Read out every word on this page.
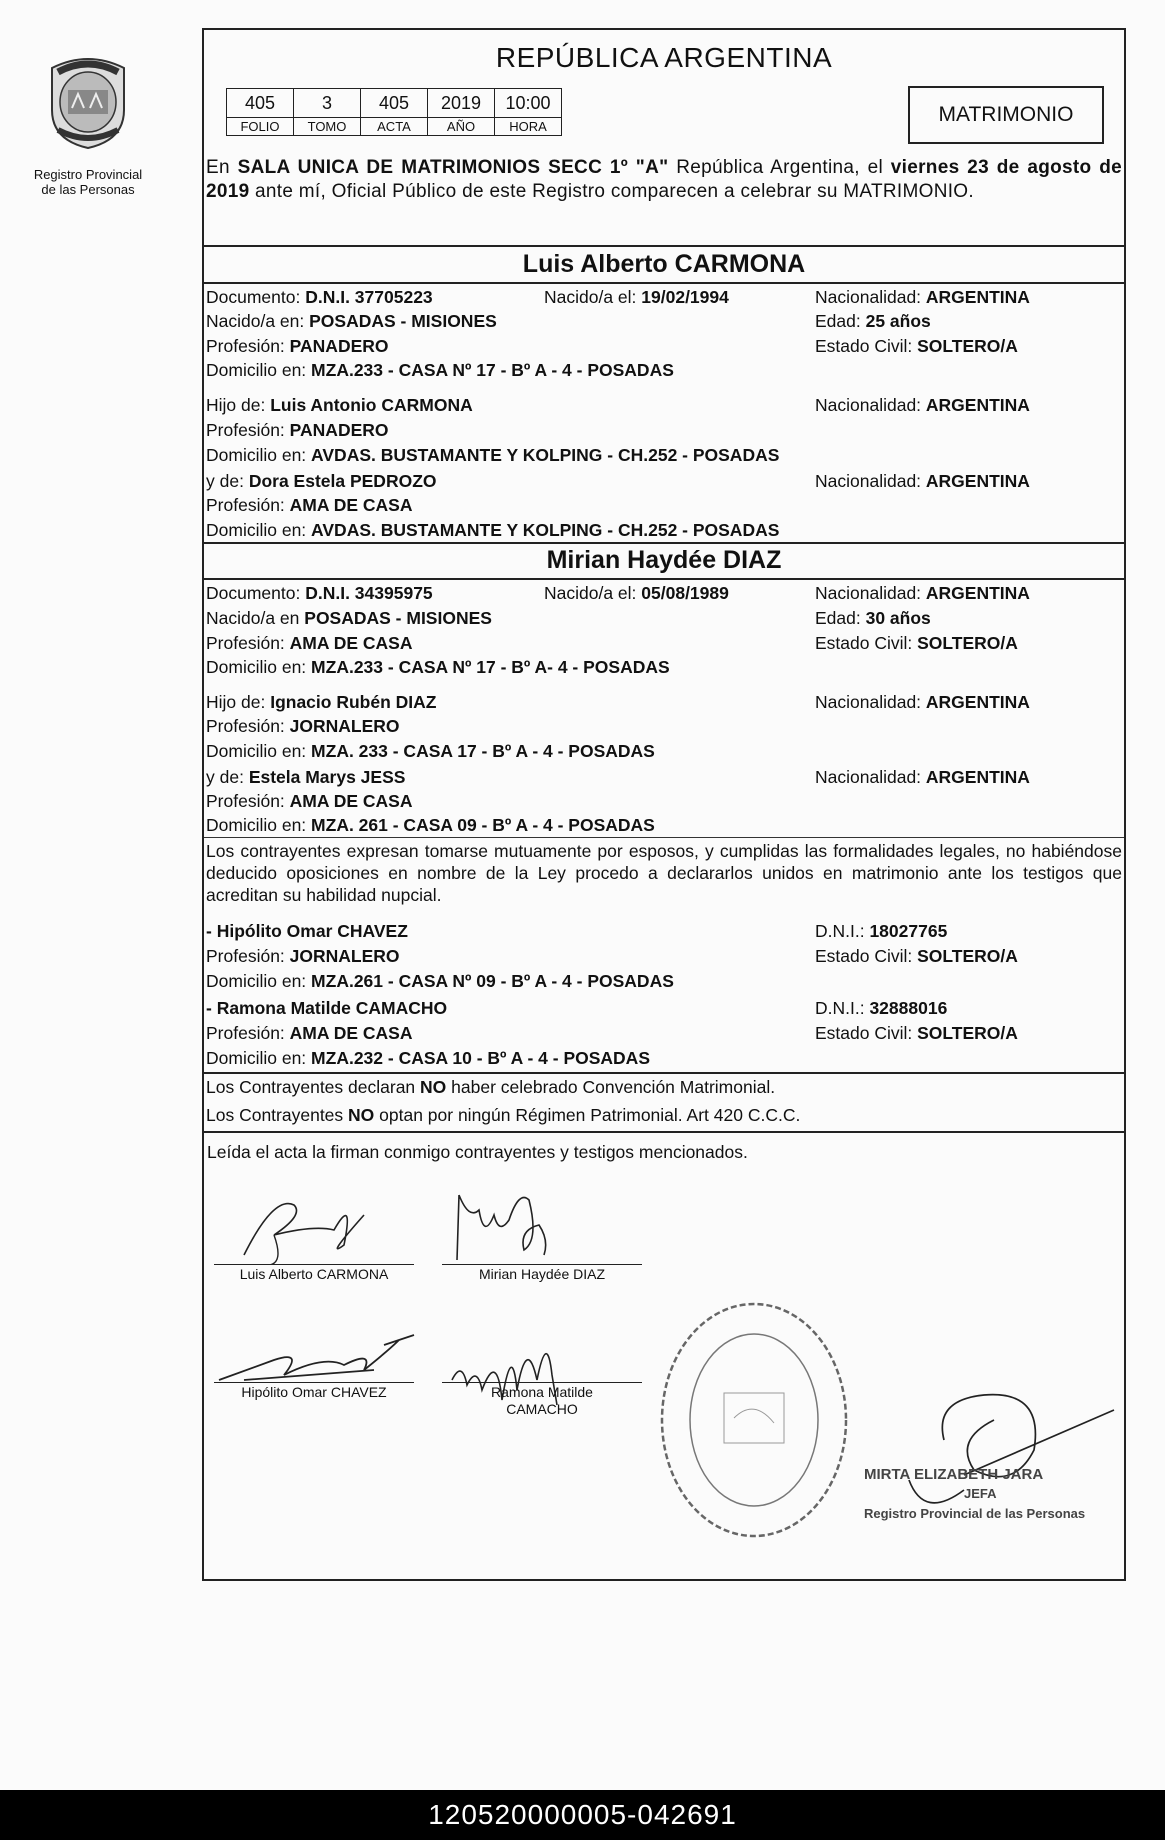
Registro Provincial
de las Personas
REPÚBLICA ARGENTINA
405	3	405	2019	10:00
FOLIO	TOMO	ACTA	AÑO	HORA
MATRIMONIO
En SALA UNICA DE MATRIMONIOS SECC 1º "A" República Argentina, el viernes 23 de agosto de 2019 ante mí, Oficial Público de este Registro comparecen a celebrar su MATRIMONIO.
Luis Alberto CARMONA
Documento: D.N.I. 37705223	Nacido/a el: 19/02/1994	Nacionalidad: ARGENTINA
Nacido/a en: POSADAS - MISIONES	Edad: 25 años
Profesión: PANADERO	Estado Civil: SOLTERO/A
Domicilio en: MZA.233 - CASA Nº 17 - Bº A - 4 - POSADAS
Hijo de: Luis Antonio CARMONA	Nacionalidad: ARGENTINA
Profesión: PANADERO
Domicilio en: AVDAS. BUSTAMANTE Y KOLPING - CH.252 - POSADAS
y de: Dora Estela PEDROZO	Nacionalidad: ARGENTINA
Profesión: AMA DE CASA
Domicilio en: AVDAS. BUSTAMANTE Y KOLPING - CH.252 - POSADAS
Mirian Haydée DIAZ
Documento: D.N.I. 34395975	Nacido/a el: 05/08/1989	Nacionalidad: ARGENTINA
Nacido/a en POSADAS - MISIONES	Edad: 30 años
Profesión: AMA DE CASA	Estado Civil: SOLTERO/A
Domicilio en: MZA.233 - CASA Nº 17 - Bº A- 4 - POSADAS
Hijo de: Ignacio Rubén DIAZ	Nacionalidad: ARGENTINA
Profesión: JORNALERO
Domicilio en: MZA. 233 - CASA 17 - Bº A - 4 - POSADAS
y de: Estela Marys JESS	Nacionalidad: ARGENTINA
Profesión: AMA DE CASA
Domicilio en: MZA. 261 - CASA 09 - Bº A - 4 - POSADAS
Los contrayentes expresan tomarse mutuamente por esposos, y cumplidas las formalidades legales, no habiéndose deducido oposiciones en nombre de la Ley procedo a declararlos unidos en matrimonio ante los testigos que acreditan su habilidad nupcial.
- Hipólito Omar CHAVEZ	D.N.I.: 18027765
Profesión: JORNALERO	Estado Civil: SOLTERO/A
Domicilio en: MZA.261 - CASA Nº 09 - Bº A - 4 - POSADAS
- Ramona Matilde CAMACHO	D.N.I.: 32888016
Profesión: AMA DE CASA	Estado Civil: SOLTERO/A
Domicilio en: MZA.232 - CASA 10 - Bº A - 4 - POSADAS
Los Contrayentes declaran NO haber celebrado Convención Matrimonial.
Los Contrayentes NO optan por ningún Régimen Patrimonial. Art 420 C.C.C.
Leída el acta la firman conmigo contrayentes y testigos mencionados.
Luis Alberto CARMONA	Mirian Haydée DIAZ
Hipólito Omar CHAVEZ	Ramona Matilde
CAMACHO
MIRTA ELIZABETH JARA
JEFA
Registro Provincial de las Personas
120520000005-042691
